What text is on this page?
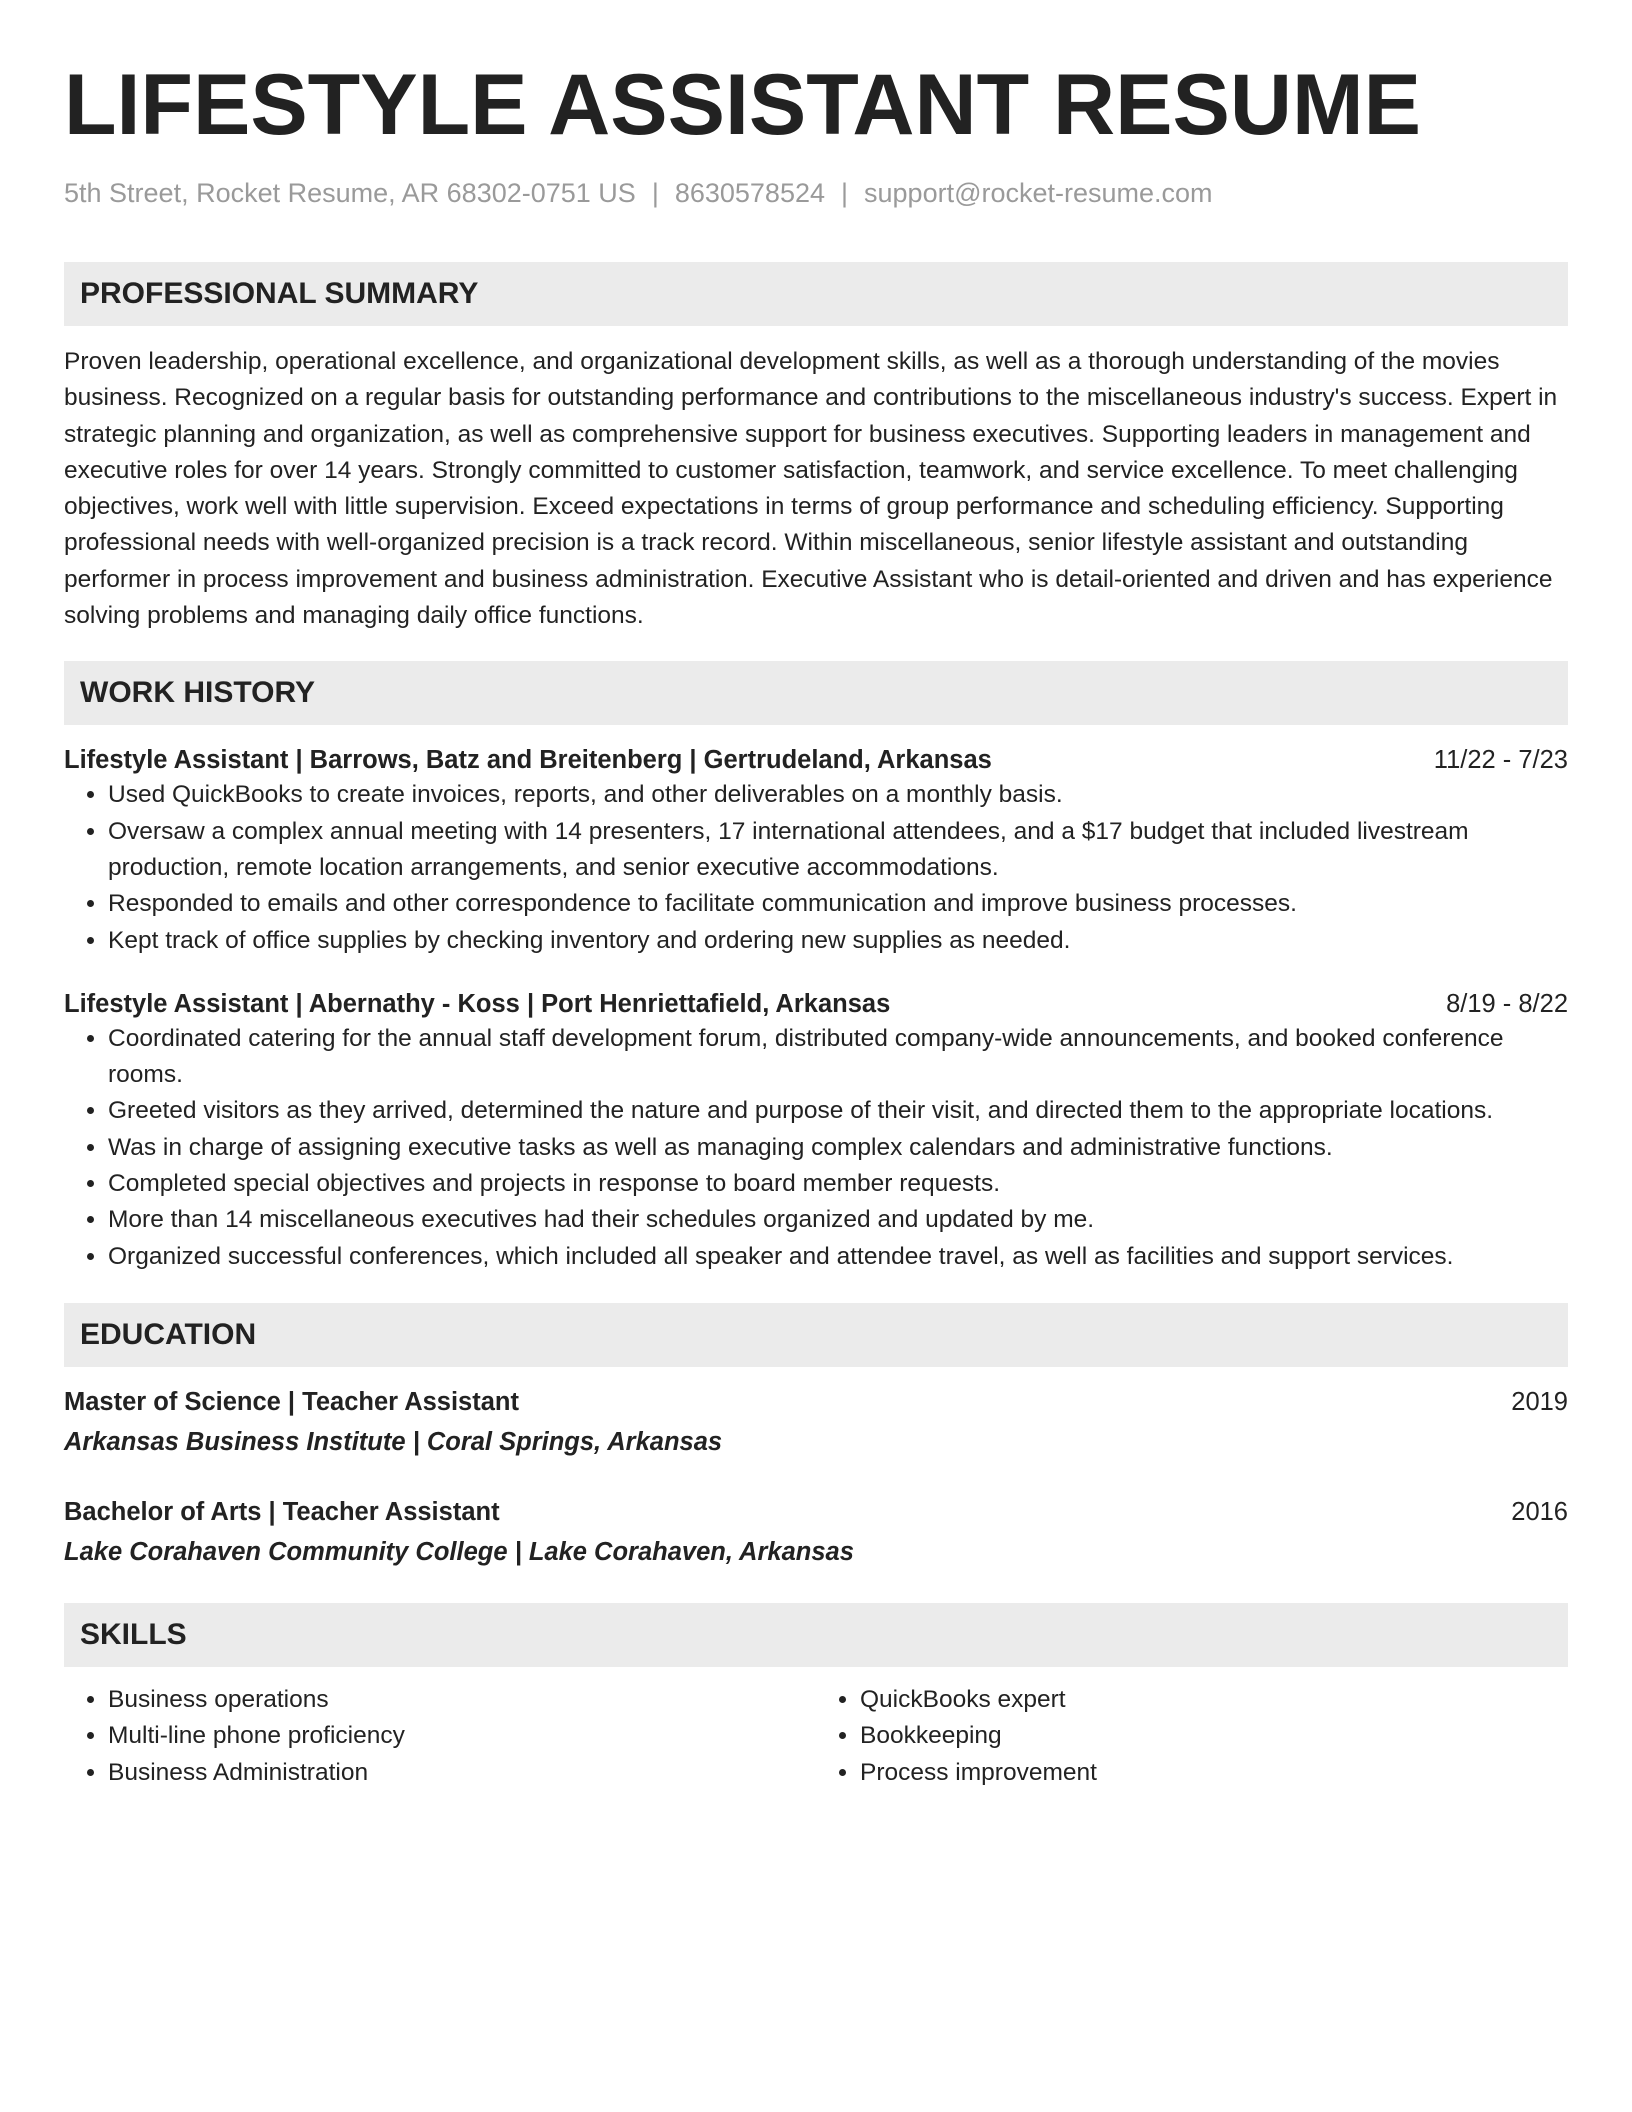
LIFESTYLE ASSISTANT RESUME
5th Street, Rocket Resume, AR 68302-0751 US | 8630578524 | support@rocket-resume.com
PROFESSIONAL SUMMARY
Proven leadership, operational excellence, and organizational development skills, as well as a thorough understanding of the movies business. Recognized on a regular basis for outstanding performance and contributions to the miscellaneous industry's success. Expert in strategic planning and organization, as well as comprehensive support for business executives. Supporting leaders in management and executive roles for over 14 years. Strongly committed to customer satisfaction, teamwork, and service excellence. To meet challenging objectives, work well with little supervision. Exceed expectations in terms of group performance and scheduling efficiency. Supporting professional needs with well-organized precision is a track record. Within miscellaneous, senior lifestyle assistant and outstanding performer in process improvement and business administration. Executive Assistant who is detail-oriented and driven and has experience solving problems and managing daily office functions.
WORK HISTORY
Lifestyle Assistant | Barrows, Batz and Breitenberg | Gertrudeland, Arkansas	11/22 - 7/23
• Used QuickBooks to create invoices, reports, and other deliverables on a monthly basis.
• Oversaw a complex annual meeting with 14 presenters, 17 international attendees, and a $17 budget that included livestream production, remote location arrangements, and senior executive accommodations.
• Responded to emails and other correspondence to facilitate communication and improve business processes.
• Kept track of office supplies by checking inventory and ordering new supplies as needed.
Lifestyle Assistant | Abernathy - Koss | Port Henriettafield, Arkansas	8/19 - 8/22
• Coordinated catering for the annual staff development forum, distributed company-wide announcements, and booked conference rooms.
• Greeted visitors as they arrived, determined the nature and purpose of their visit, and directed them to the appropriate locations.
• Was in charge of assigning executive tasks as well as managing complex calendars and administrative functions.
• Completed special objectives and projects in response to board member requests.
• More than 14 miscellaneous executives had their schedules organized and updated by me.
• Organized successful conferences, which included all speaker and attendee travel, as well as facilities and support services.
EDUCATION
Master of Science | Teacher Assistant	2019
Arkansas Business Institute | Coral Springs, Arkansas
Bachelor of Arts | Teacher Assistant	2016
Lake Corahaven Community College | Lake Corahaven, Arkansas
SKILLS
• Business operations
• Multi-line phone proficiency
• Business Administration
• QuickBooks expert
• Bookkeeping
• Process improvement
